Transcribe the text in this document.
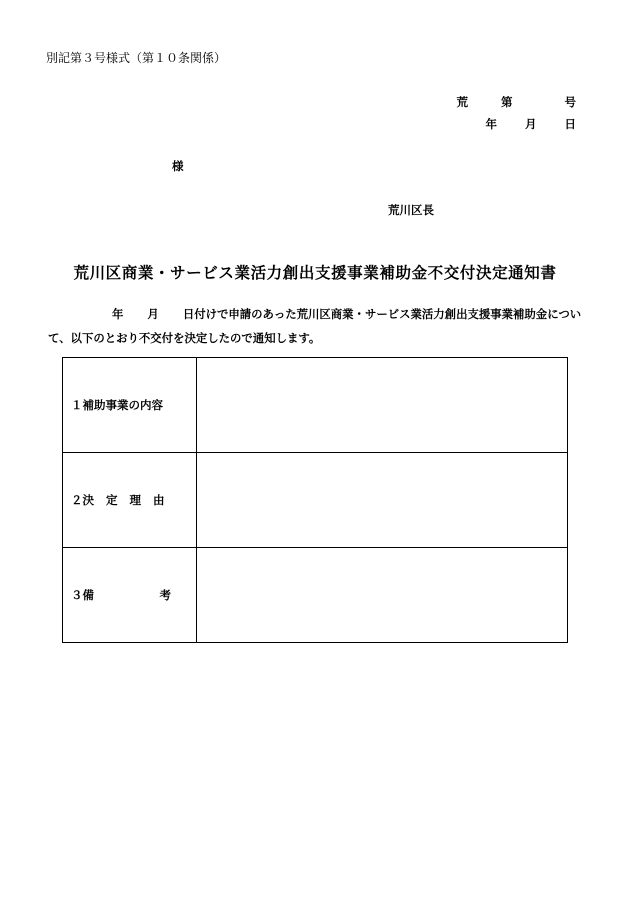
別記第３号様式（第１０条関係）
荒	第	号
年 月 日
様
荒川区長
荒川区商業・サービス業活力創出支援事業補助金不交付決定通知書
年 月 日付けで申請のあった荒川区商業・サービス業活力創出支援事業補助金について、以下のとおり不交付を決定したので通知します。
１補助事業の内容	
２決 定 理 由	

３備 考	
